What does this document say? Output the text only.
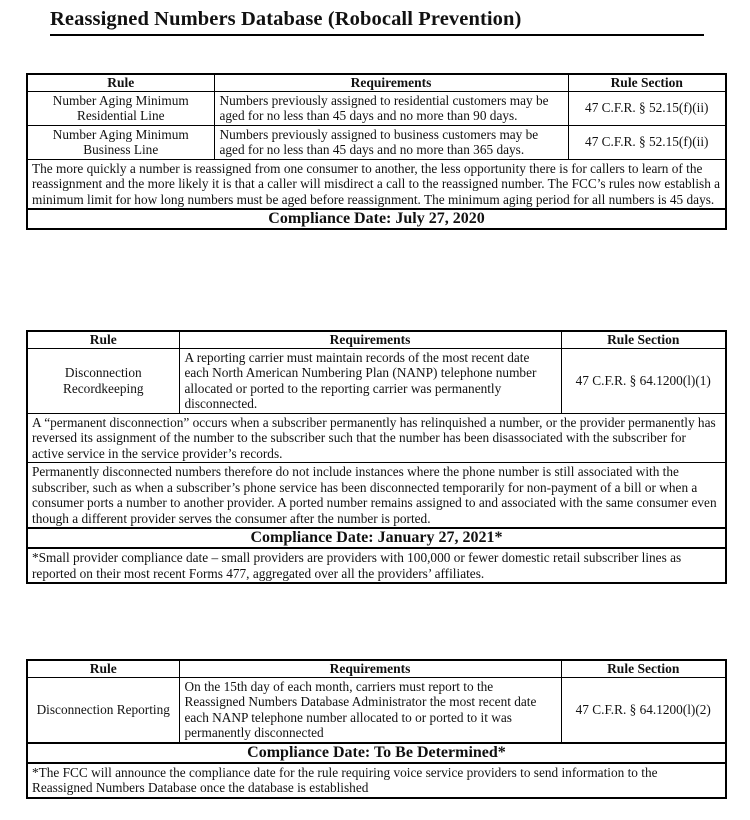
Reassigned Numbers Database (Robocall Prevention)
Rule	Requirements	Rule Section
Number Aging Minimum Residential Line	Numbers previously assigned to residential customers may be aged for no less than 45 days and no more than 90 days.	47 C.F.R. § 52.15(f)(ii)
Number Aging Minimum Business Line	Numbers previously assigned to business customers may be aged for no less than 45 days and no more than 365 days.	47 C.F.R. § 52.15(f)(ii)
The more quickly a number is reassigned from one consumer to another, the less opportunity there is for callers to learn of the reassignment and the more likely it is that a caller will misdirect a call to the reassigned number. The FCC’s rules now establish a minimum limit for how long numbers must be aged before reassignment. The minimum aging period for all numbers is 45 days.		
Compliance Date: July 27, 2020		
Rule	Requirements	Rule Section
Disconnection Recordkeeping	A reporting carrier must maintain records of the most recent date each North American Numbering Plan (NANP) telephone number allocated or ported to the reporting carrier was permanently disconnected.	47 C.F.R. § 64.1200(l)(1)
A “permanent disconnection” occurs when a subscriber permanently has relinquished a number, or the provider permanently has reversed its assignment of the number to the subscriber such that the number has been disassociated with the subscriber for active service in the service provider’s records.		
Permanently disconnected numbers therefore do not include instances where the phone number is still associated with the subscriber, such as when a subscriber’s phone service has been disconnected temporarily for non-payment of a bill or when a consumer ports a number to another provider. A ported number remains assigned to and associated with the same consumer even though a different provider serves the consumer after the number is ported.		
Compliance Date: January 27, 2021*		
*Small provider compliance date – small providers are providers with 100,000 or fewer domestic retail subscriber lines as reported on their most recent Forms 477, aggregated over all the providers’ affiliates.		
Rule	Requirements	Rule Section
Disconnection Reporting	On the 15th day of each month, carriers must report to the Reassigned Numbers Database Administrator the most recent date each NANP telephone number allocated to or ported to it was permanently disconnected	47 C.F.R. § 64.1200(l)(2)
Compliance Date: To Be Determined*		
*The FCC will announce the compliance date for the rule requiring voice service providers to send information to the Reassigned Numbers Database once the database is established		
